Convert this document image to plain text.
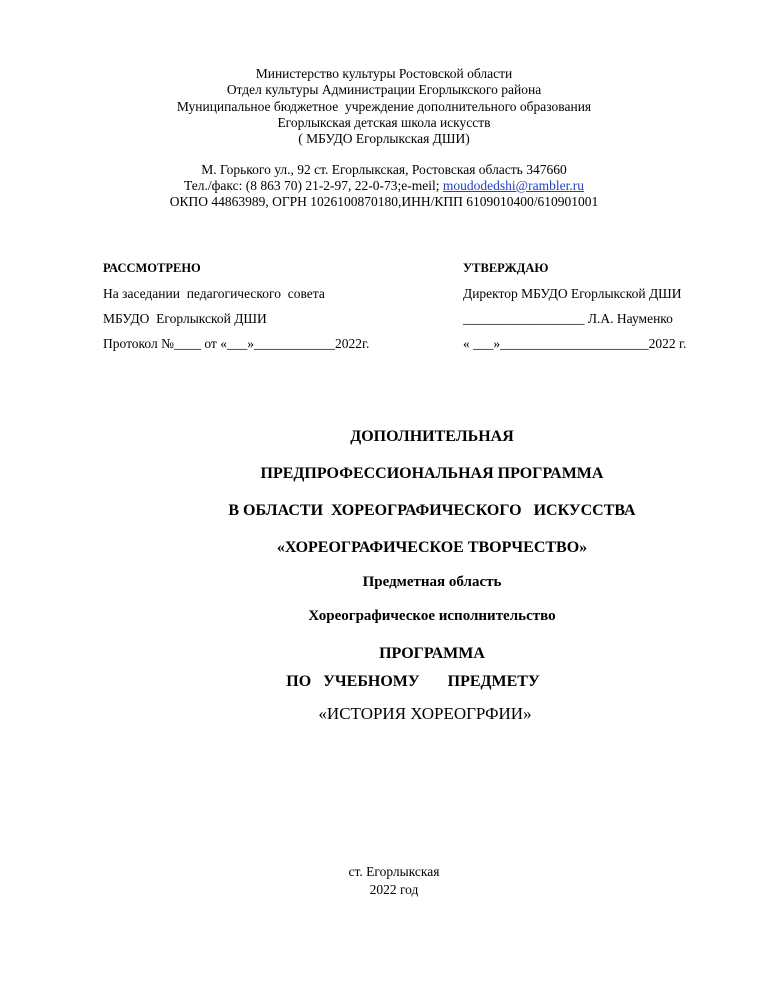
Министерство культуры Ростовской области
Отдел культуры Администрации Егорлыкского района
Муниципальное бюджетное  учреждение дополнительного образования
Егорлыкская детская школа искусств
( МБУДО Егорлыкская ДШИ)
М. Горького ул., 92 ст. Егорлыкская, Ростовская область 347660
Тел./факс: (8 863 70) 21-2-97, 22-0-73;e-meil; moudodedshi@rambler.ru
ОКПО 44863989, ОГРН 1026100870180,ИНН/КПП 6109010400/610901001
РАССМОТРЕНО
На заседании  педагогического  совета
МБУДО  Егорлыкской ДШИ
Протокол №____ от «___»____________2022г.
УТВЕРЖДАЮ
Директор МБУДО Егорлыкской ДШИ
__________________ Л.А. Науменко
« ___»______________________2022 г.
ДОПОЛНИТЕЛЬНАЯ
ПРЕДПРОФЕССИОНАЛЬНАЯ ПРОГРАММА
В ОБЛАСТИ  ХОРЕОГРАФИЧЕСКОГО   ИСКУССТВА
«ХОРЕОГРАФИЧЕСКОЕ ТВОРЧЕСТВО»
Предметная область
Хореографическое исполнительство
ПРОГРАММА
ПО   УЧЕБНОМУ       ПРЕДМЕТУ
«ИСТОРИЯ ХОРЕОГРФИИ»
ст. Егорлыкская
2022 год
